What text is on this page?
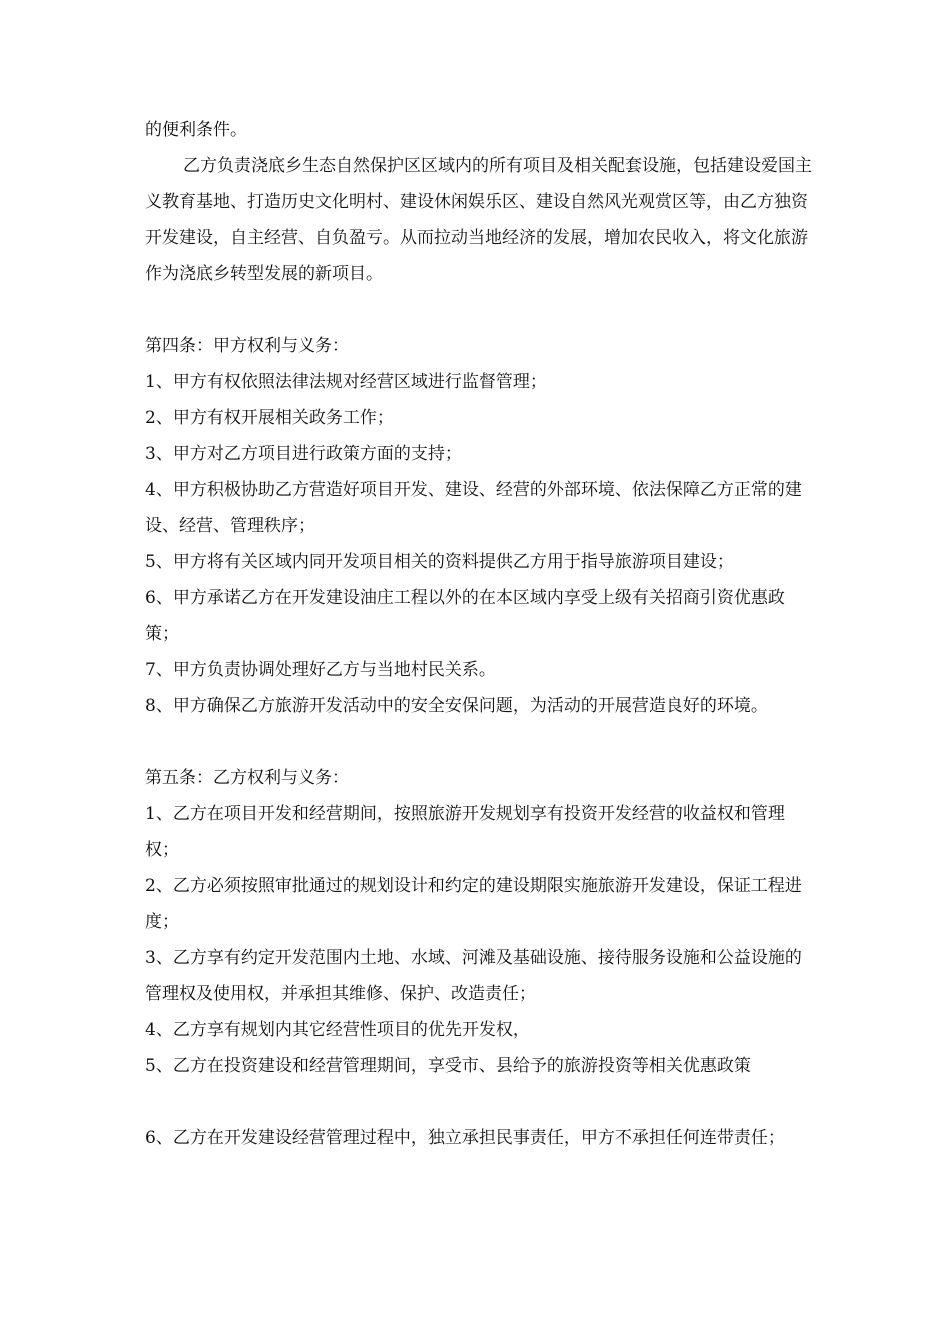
的便利条件。

乙方负责浇底乡生态自然保护区区域内的所有项目及相关配套设施，包括建设爱国主义教育基地、打造历史文化明村、建设休闲娱乐区、建设自然风光观赏区等，由乙方独资开发建设，自主经营、自负盈亏。从而拉动当地经济的发展，增加农民收入，将文化旅游作为浇底乡转型发展的新项目。

第四条：甲方权利与义务：

1、甲方有权依照法律法规对经营区域进行监督管理；

2、甲方有权开展相关政务工作；

3、甲方对乙方项目进行政策方面的支持；

4、甲方积极协助乙方营造好项目开发、建设、经营的外部环境、依法保障乙方正常的建设、经营、管理秩序；

5、甲方将有关区域内同开发项目相关的资料提供乙方用于指导旅游项目建设；

6、甲方承诺乙方在开发建设油庄工程以外的在本区域内享受上级有关招商引资优惠政策；

7、甲方负责协调处理好乙方与当地村民关系。

8、甲方确保乙方旅游开发活动中的安全安保问题，为活动的开展营造良好的环境。

第五条：乙方权利与义务：

1、乙方在项目开发和经营期间，按照旅游开发规划享有投资开发经营的收益权和管理权；

2、乙方必须按照审批通过的规划设计和约定的建设期限实施旅游开发建设，保证工程进度；

3、乙方享有约定开发范围内土地、水域、河滩及基础设施、接待服务设施和公益设施的管理权及使用权，并承担其维修、保护、改造责任；

4、乙方享有规划内其它经营性项目的优先开发权，

5、乙方在投资建设和经营管理期间，享受市、县给予的旅游投资等相关优惠政策

6、乙方在开发建设经营管理过程中，独立承担民事责任，甲方不承担任何连带责任；
